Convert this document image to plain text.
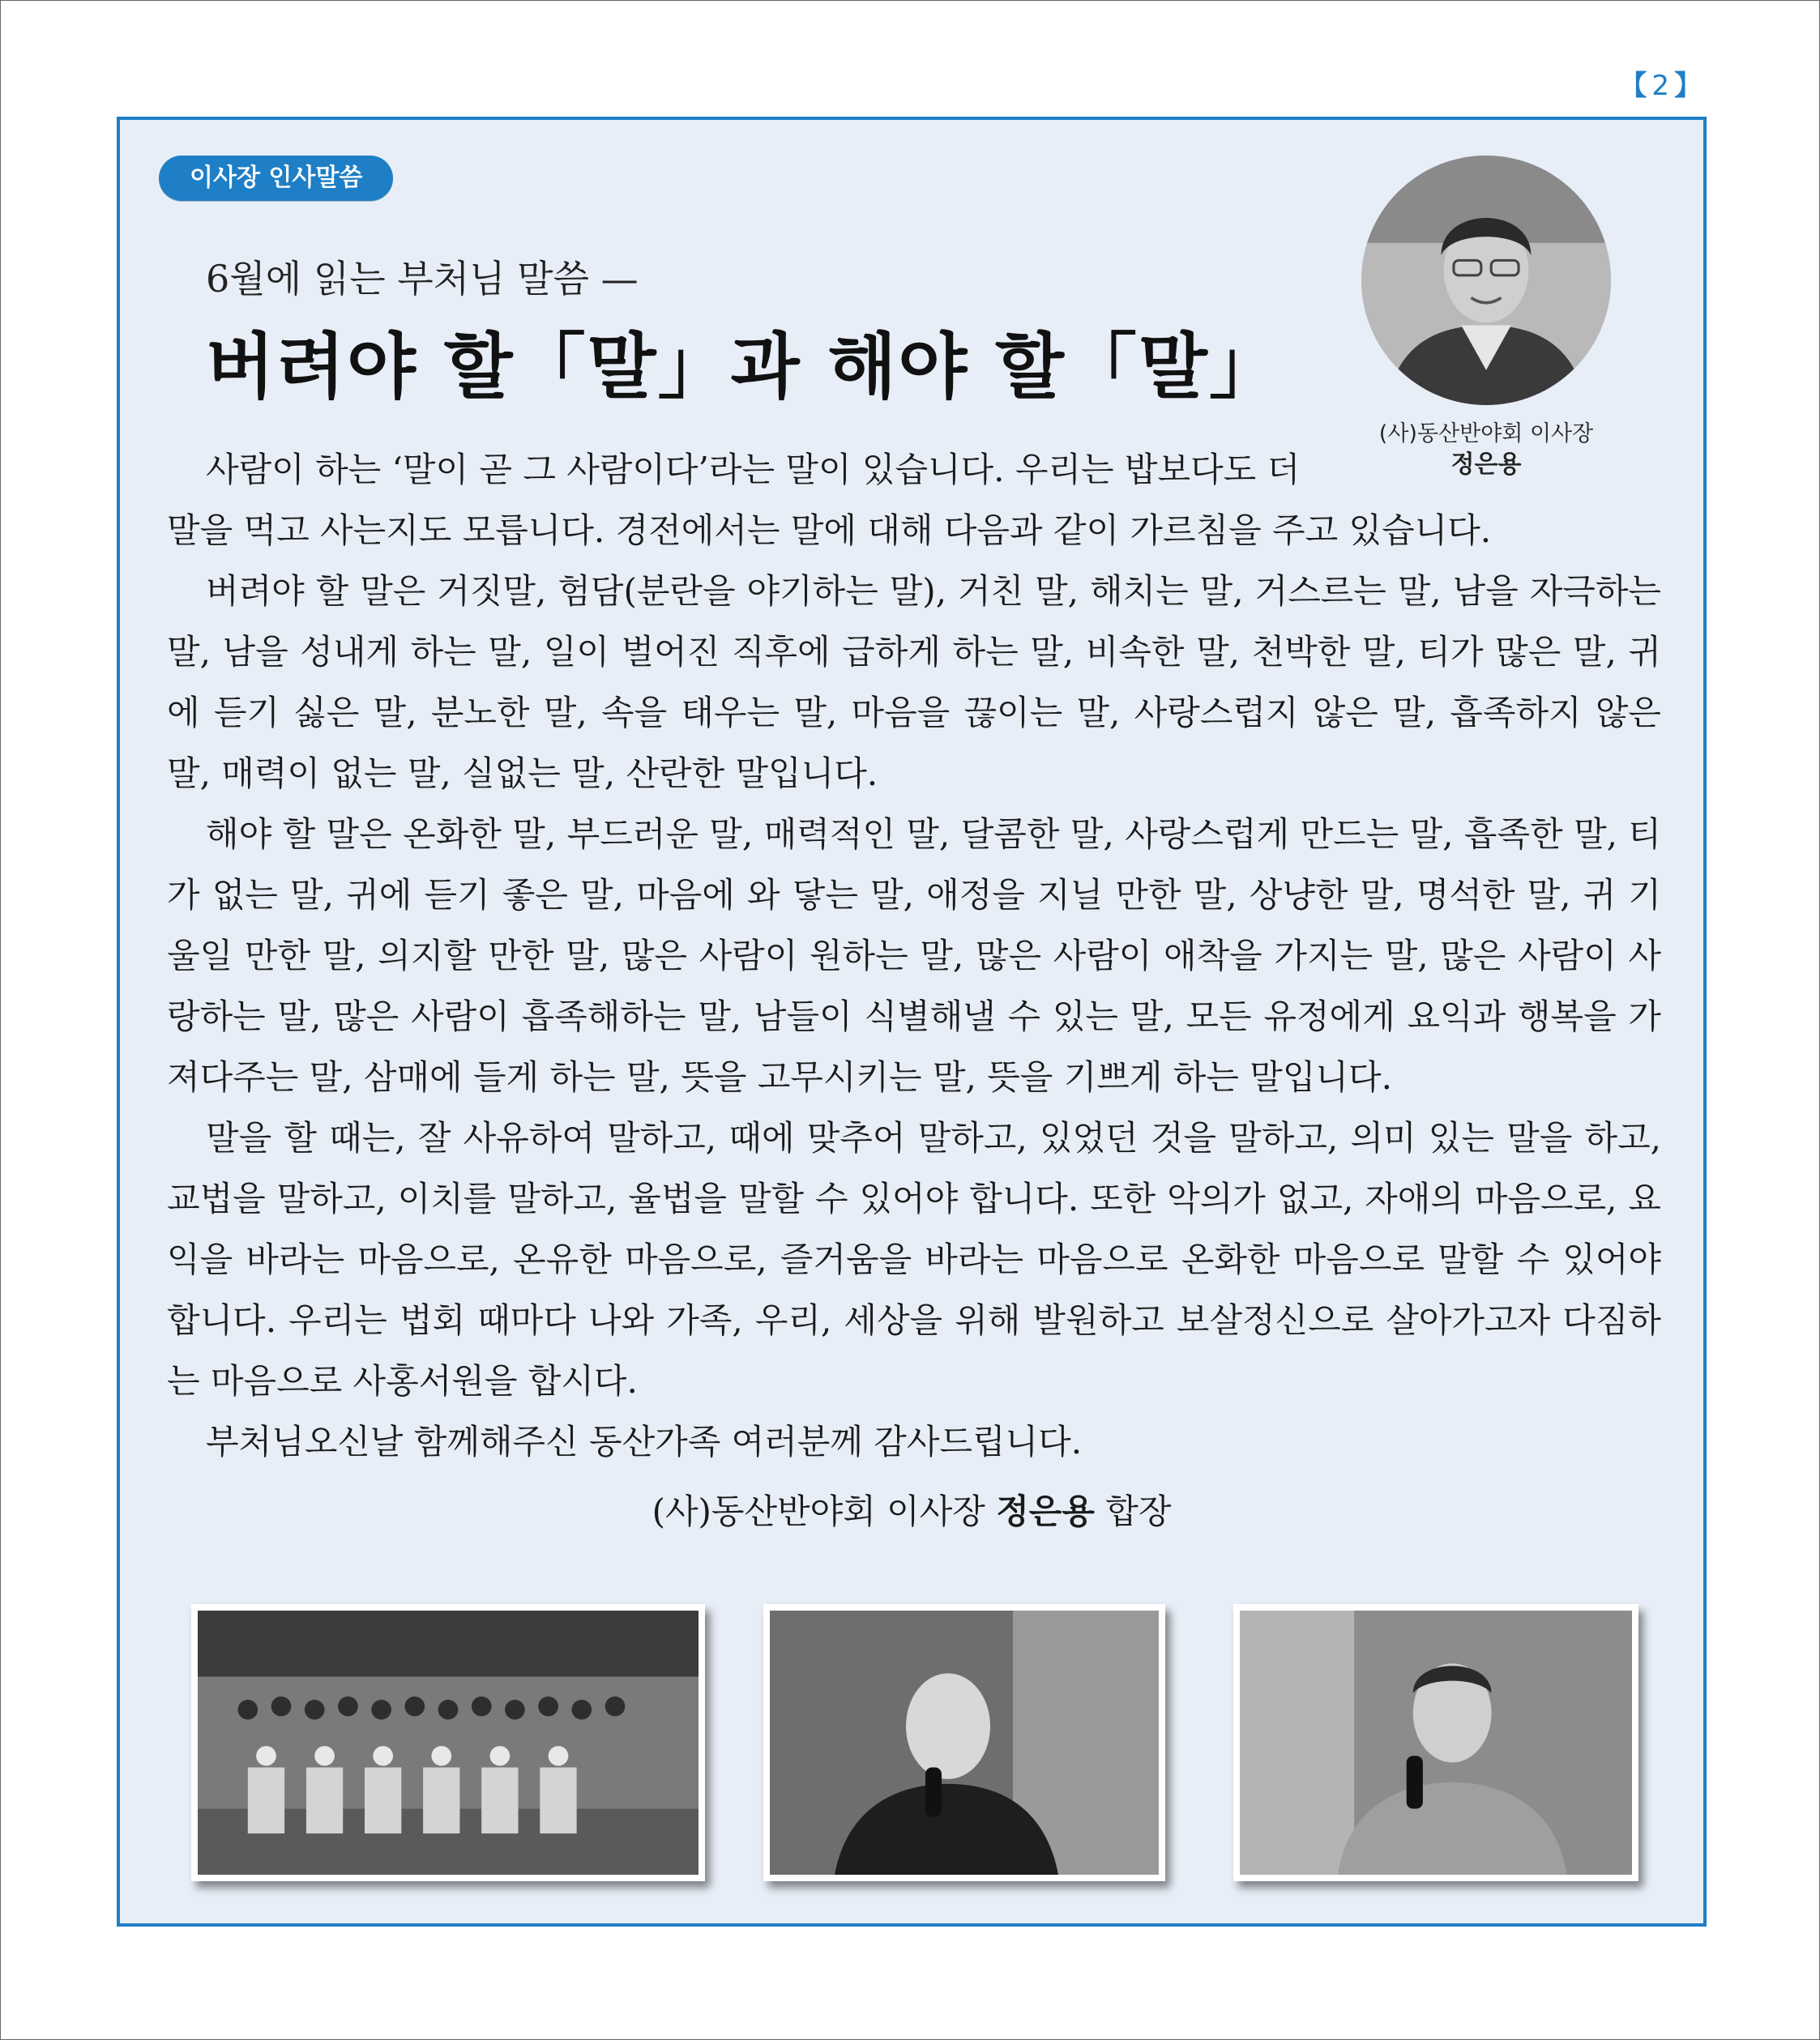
【2】
이사장 인사말씀
6월에 읽는 부처님 말씀 —
버려야 할「말」과 해야 할「말」
(사)동산반야회 이사장
정은용

사람이 하는 ‘말이 곧 그 사람이다’라는 말이 있습니다. 우리는 밥보다도 더

말을 먹고 사는지도 모릅니다. 경전에서는 말에 대해 다음과 같이 가르침을 주고 있습니다.

버려야 할 말은 거짓말, 험담(분란을 야기하는 말), 거친 말, 해치는 말, 거스르는 말, 남을 자극하는 말, 남을 성내게 하는 말, 일이 벌어진 직후에 급하게 하는 말, 비속한 말, 천박한 말, 티가 많은 말, 귀에 듣기 싫은 말, 분노한 말, 속을 태우는 말, 마음을 끊이는 말, 사랑스럽지 않은 말, 흡족하지 않은 말, 매력이 없는 말, 실없는 말, 산란한 말입니다.

해야 할 말은 온화한 말, 부드러운 말, 매력적인 말, 달콤한 말, 사랑스럽게 만드는 말, 흡족한 말, 티가 없는 말, 귀에 듣기 좋은 말, 마음에 와 닿는 말, 애정을 지닐 만한 말, 상냥한 말, 명석한 말, 귀 기울일 만한 말, 의지할 만한 말, 많은 사람이 원하는 말, 많은 사람이 애착을 가지는 말, 많은 사람이 사랑하는 말, 많은 사람이 흡족해하는 말, 남들이 식별해낼 수 있는 말, 모든 유정에게 요익과 행복을 가져다주는 말, 삼매에 들게 하는 말, 뜻을 고무시키는 말, 뜻을 기쁘게 하는 말입니다.

말을 할 때는, 잘 사유하여 말하고, 때에 맞추어 말하고, 있었던 것을 말하고, 의미 있는 말을 하고, 교법을 말하고, 이치를 말하고, 율법을 말할 수 있어야 합니다. 또한 악의가 없고, 자애의 마음으로, 요익을 바라는 마음으로, 온유한 마음으로, 즐거움을 바라는 마음으로 온화한 마음으로 말할 수 있어야 합니다. 우리는 법회 때마다 나와 가족, 우리, 세상을 위해 발원하고 보살정신으로 살아가고자 다짐하는 마음으로 사홍서원을 합시다.

부처님오신날 함께해주신 동산가족 여러분께 감사드립니다.

(사)동산반야회 이사장 정은용 합장
